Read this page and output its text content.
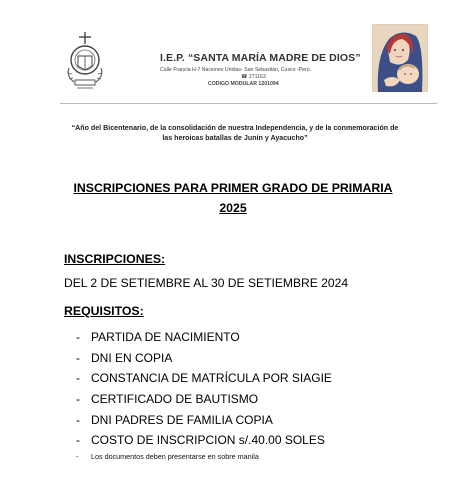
I.E.P. “SANTA MARÍA MADRE DE DIOS”
Calle Francia H-7 Naciones Unidas- San Sebastián, Cusco -Perú.
☎ 271163
CODIGO MODULAR 1201094
“Año del Bicentenario, de la consolidación de nuestra Independencia, y de la conmemoración de las heroicas batallas de Junín y Ayacucho”
INSCRIPCIONES PARA PRIMER GRADO DE PRIMARIA
2025
INSCRIPCIONES:
DEL 2 DE SETIEMBRE AL 30 DE SETIEMBRE 2024
REQUISITOS:
- PARTIDA DE NACIMIENTO
- DNI EN COPIA
- CONSTANCIA DE MATRÍCULA POR SIAGIE
- CERTIFICADO DE BAUTISMO
- DNI PADRES DE FAMILIA COPIA
- COSTO DE INSCRIPCION s/.40.00 SOLES
- Los documentos deben presentarse en sobre manila
